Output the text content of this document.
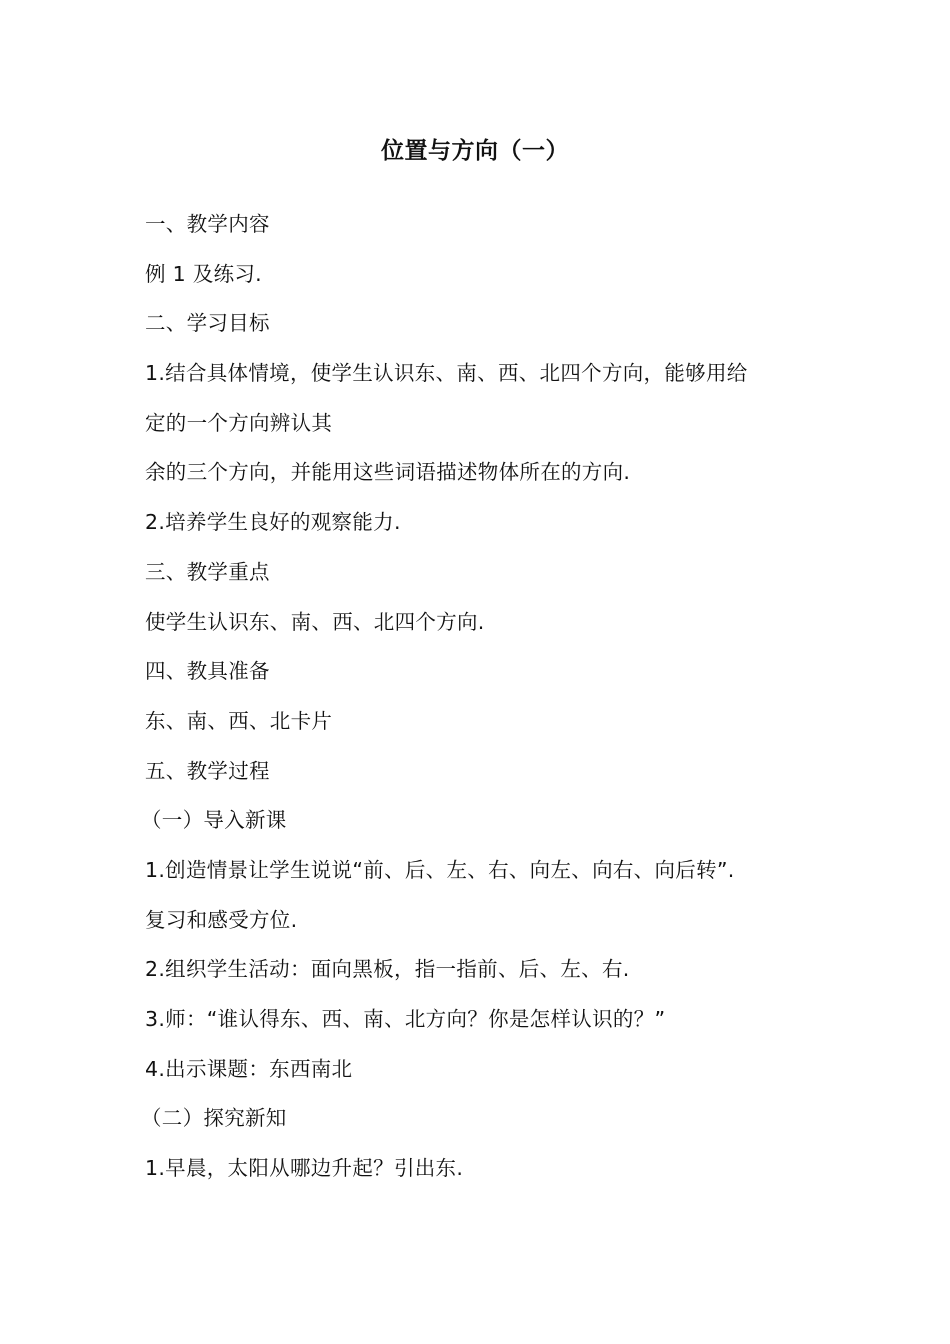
位置与方向（一）
一、教学内容
例 1 及练习.
二、学习目标
1.结合具体情境，使学生认识东、南、西、北四个方向，能够用给
定的一个方向辨认其
余的三个方向，并能用这些词语描述物体所在的方向.
2.培养学生良好的观察能力.
三、教学重点
使学生认识东、南、西、北四个方向.
四、教具准备
东、南、西、北卡片
五、教学过程
（一）导入新课
1.创造情景让学生说说“前、后、左、右、向左、向右、向后转”.
复习和感受方位.
2.组织学生活动：面向黑板，指一指前、后、左、右.
3.师：“谁认得东、西、南、北方向？你是怎样认识的？”
4.出示课题：东西南北
（二）探究新知
1.早晨，太阳从哪边升起？引出东.
